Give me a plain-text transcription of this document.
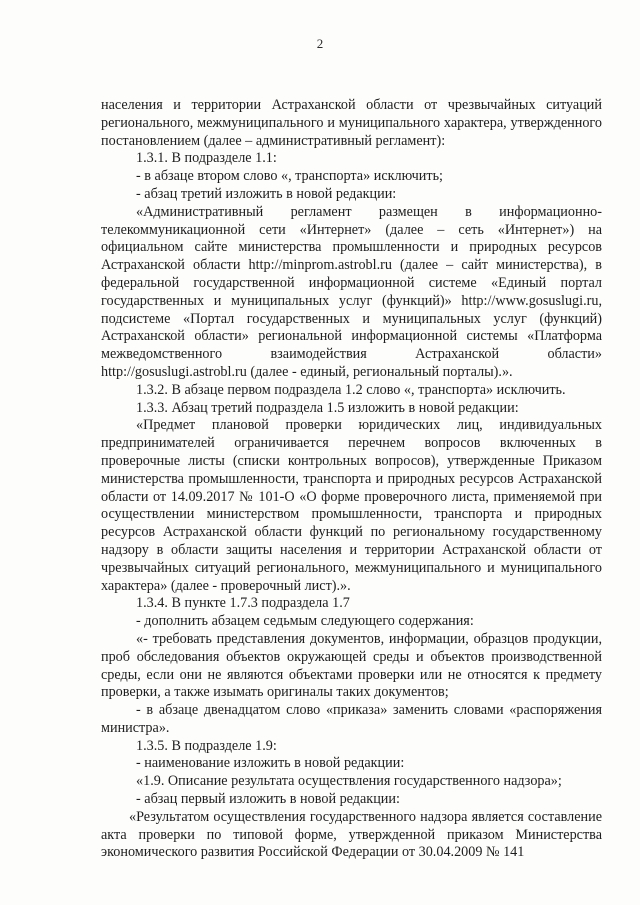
2

населения и территории Астраханской области от чрезвычайных ситуаций регионального, межмуниципального и муниципального характера, утвержденного постановлением (далее – административный регламент):

1.3.1. В подразделе 1.1:

- в абзаце втором слово «, транспорта» исключить;

- абзац третий изложить в новой редакции:

«Административный регламент размещен в информационно-телекоммуникационной сети «Интернет» (далее – сеть «Интернет») на официальном сайте министерства промышленности и природных ресурсов Астраханской области http://minprom.astrobl.ru (далее – сайт министерства), в федеральной государственной информационной системе «Единый портал государственных и муниципальных услуг (функций)» http://www.gosuslugi.ru, подсистеме «Портал государственных и муниципальных услуг (функций) Астраханской области» региональной информационной системы «Платформа межведомственного взаимодействия Астраханской области» http://gosuslugi.astrobl.ru (далее - единый, региональный порталы).».

1.3.2. В абзаце первом подраздела 1.2 слово «, транспорта» исключить.

1.3.3. Абзац третий подраздела 1.5 изложить в новой редакции:

«Предмет плановой проверки юридических лиц, индивидуальных предпринимателей ограничивается перечнем вопросов включенных в проверочные листы (списки контрольных вопросов), утвержденные Приказом министерства промышленности, транспорта и природных ресурсов Астраханской области от 14.09.2017 № 101-О «О форме проверочного листа, применяемой при осуществлении министерством промышленности, транспорта и природных ресурсов Астраханской области функций по региональному государственному надзору в области защиты населения и территории Астраханской области от чрезвычайных ситуаций регионального, межмуниципального и муниципального характера» (далее - проверочный лист).».

1.3.4. В пункте 1.7.3 подраздела 1.7

- дополнить абзацем седьмым следующего содержания:

«- требовать представления документов, информации, образцов продукции, проб обследования объектов окружающей среды и объектов производственной среды, если они не являются объектами проверки или не относятся к предмету проверки, а также изымать оригиналы таких документов;

- в абзаце двенадцатом слово «приказа» заменить словами «распоряжения министра».

1.3.5. В подразделе 1.9:

- наименование изложить в новой редакции:

«1.9. Описание результата осуществления государственного надзора»;

- абзац первый изложить в новой редакции:

«Результатом осуществления государственного надзора является составление акта проверки по типовой форме, утвержденной приказом Министерства экономического развития Российской Федерации от 30.04.2009 № 141
